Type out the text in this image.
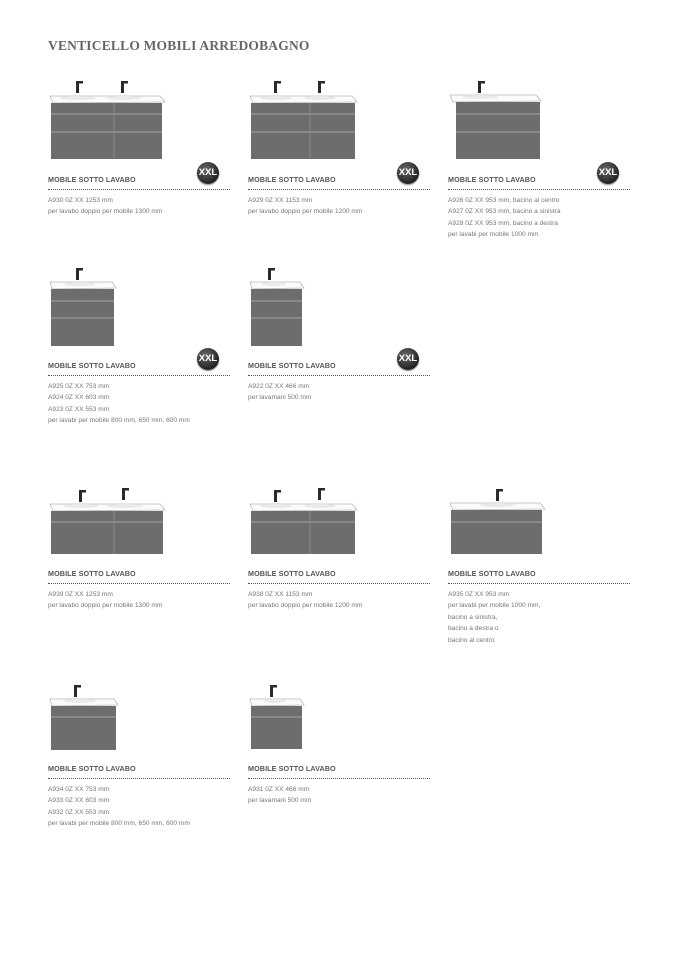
VENTICELLO MOBILI ARREDOBAGNO
XXL
MOBILE SOTTO LAVABO
A930 0Z XX 1253 mm
per lavabo doppio per mobile 1300 mm
XXL
MOBILE SOTTO LAVABO
A929 0Z XX 1153 mm
per lavabo doppio per mobile 1200 mm
XXL
MOBILE SOTTO LAVABO
A926 0Z XX 953 mm, bacino al centro
A927 0Z XX 953 mm, bacino a sinistra
A928 0Z XX 953 mm, bacino a destra
per lavabi per mobile 1000 mm
XXL
MOBILE SOTTO LAVABO
A925 0Z XX 753 mm
A924 0Z XX 603 mm
A923 0Z XX 553 mm
per lavabi per mobile 800 mm, 650 mm, 600 mm
XXL
MOBILE SOTTO LAVABO
A922 0Z XX 466 mm
per lavamani 500 mm
MOBILE SOTTO LAVABO
A939 0Z XX 1253 mm
per lavabo doppio per mobile 1300 mm
MOBILE SOTTO LAVABO
A938 0Z XX 1153 mm
per lavabo doppio per mobile 1200 mm
MOBILE SOTTO LAVABO
A935 0Z XX 953 mm
per lavabi per mobile 1000 mm,
bacino a sinistra,
bacino a destra o
bacino al centro
MOBILE SOTTO LAVABO
A934 0Z XX 753 mm
A933 0Z XX 603 mm
A932 0Z XX 553 mm
per lavabi per mobile 800 mm, 650 mm, 600 mm
MOBILE SOTTO LAVABO
A931 0Z XX 466 mm
per lavamani 500 mm
